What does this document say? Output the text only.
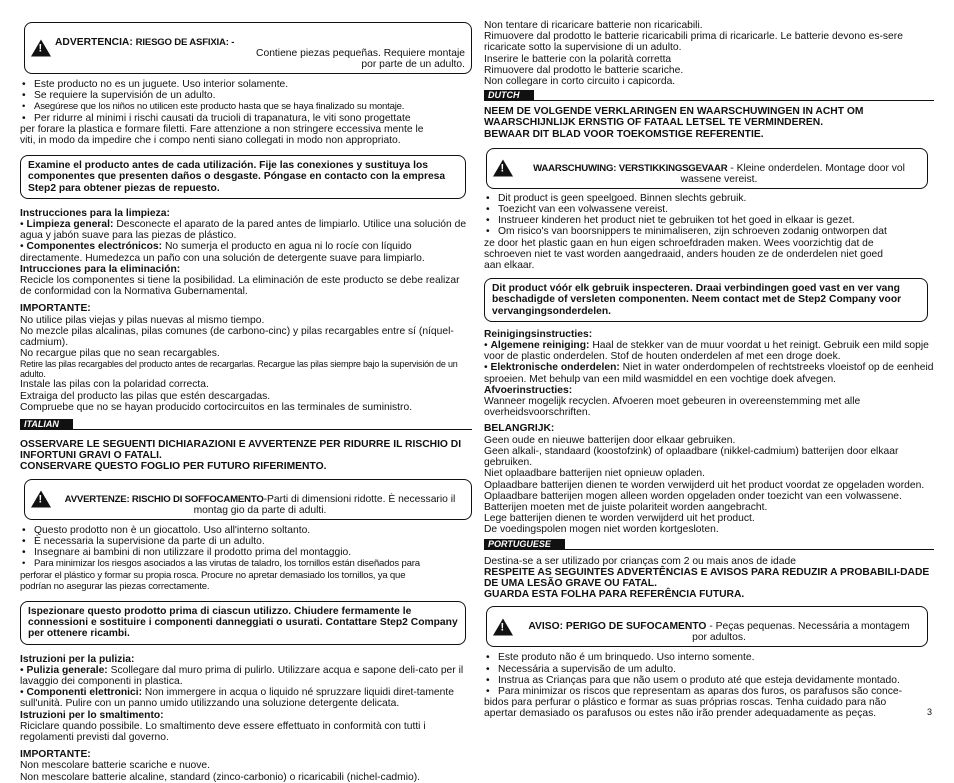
!

ADVERTENCIA: RIESGO DE ASFIXIA: -

Contiene piezas pequeñas. Requiere montaje
por parte de un adulto.

• Este producto no es un juguete. Uso interior solamente.
• Se requiere la supervisión de un adulto.
• Asegúrese que los niños no utilicen este producto hasta que se haya finalizado su montaje.
• Per ridurre al minimi i rischi causati da trucioli di trapanatura, le viti sono progettate
per forare la plastica e formare filetti. Fare attenzione a non stringere eccessiva mente le
viti, in modo da impedire che i compo nenti siano collegati in modo non appropriato.
Examine el producto antes de cada utilización. Fije las conexiones y sustituya los componentes que presenten daños o desgaste. Póngase en contacto con la empresa Step2 para obtener piezas de repuesto.
Instrucciones para la limpieza:
• Limpieza general: Desconecte el aparato de la pared antes de limpiarlo. Utilice una solución de agua y jabón suave para las piezas de plástico.
• Componentes electrónicos: No sumerja el producto en agua ni lo rocíe con líquido directamente. Humedezca un paño con una solución de detergente suave para limpiarlo.
Intrucciones para la eliminación:
Recicle los componentes si tiene la posibilidad. La eliminación de este producto se debe realizar de conformidad con la Normativa Gubernamental.
IMPORTANTE:
No utilice pilas viejas y pilas nuevas al mismo tiempo.
No mezcle pilas alcalinas, pilas comunes (de carbono-cinc) y pilas recargables entre sí (níquel-cadmium).
No recargue pilas que no sean recargables.
Retire las pilas recargables del producto antes de recargarlas. Recargue las pilas siempre bajo la supervisión de un adulto.
Instale las pilas con la polaridad correcta.
Extraiga del producto las pilas que estén descargadas.
Compruebe que no se hayan producido cortocircuitos en las terminales de suministro.
ITALIAN
OSSERVARE LE SEGUENTI DICHIARAZIONI E AVVERTENZE PER RIDURRE IL RISCHIO DI INFORTUNI GRAVI O FATALI.
CONSERVARE QUESTO FOGLIO PER FUTURO RIFERIMENTO.
!

AVVERTENZE: RISCHIO DI SOFFOCAMENTO-Parti di dimensioni ridotte. È necessario il
montag gio da parte di adulti.

• Questo prodotto non è un giocattolo. Uso all'interno soltanto.
• È necessaria la supervisione da parte di un adulto.
• Insegnare ai bambini di non utilizzare il prodotto prima del montaggio.
• Para minimizar los riesgos asociados a las virutas de taladro, los tornillos están diseñados para
perforar el plástico y formar su propia rosca. Procure no apretar demasiado los tornillos, ya que
podrían no asegurar las piezas correctamente.
Ispezionare questo prodotto prima di ciascun utilizzo. Chiudere fermamente le connessioni e sostituire i componenti danneggiati o usurati. Contattare Step2 Company per ottenere ricambi.
Istruzioni per la pulizia:
• Pulizia generale: Scollegare dal muro prima di pulirlo. Utilizzare acqua e sapone deli-cato per il lavaggio dei componenti in plastica.
• Componenti elettronici: Non immergere in acqua o liquido né spruzzare liquidi diret-tamente sull'unità. Pulire con un panno umido utilizzando una soluzione detergente delicata.
Istruzioni per lo smaltimento:
Riciclare quando possibile. Lo smaltimento deve essere effettuato in conformità con tutti i regolamenti previsti dal governo.
IMPORTANTE:
Non mescolare batterie scariche e nuove.
Non mescolare batterie alcaline, standard (zinco-carbonio) o ricaricabili (nichel-cadmio).
Non tentare di ricaricare batterie non ricaricabili.
Rimuovere dal prodotto le batterie ricaricabili prima di ricaricarle. Le batterie devono es-sere ricaricate sotto la supervisione di un adulto.
Inserire le batterie con la polarità corretta
Rimuovere dal prodotto le batterie scariche.
Non collegare in corto circuito i capicorda.
DUTCH
NEEM DE VOLGENDE VERKLARINGEN EN WAARSCHUWINGEN IN ACHT OM WAARSCHIJNLIJK ERNSTIG OF FATAAL LETSEL TE VERMINDEREN.
BEWAAR DIT BLAD VOOR TOEKOMSTIGE REFERENTIE.
!

WAARSCHUWING: VERSTIKKINGSGEVAAR - Kleine onderdelen. Montage door vol
wassene vereist.

• Dit product is geen speelgoed. Binnen slechts gebruik.
• Toezicht van een volwassene vereist.
• Instrueer kinderen het product niet te gebruiken tot het goed in elkaar is gezet.
• Om risico's van boorsnippers te minimaliseren, zijn schroeven zodanig ontworpen dat
ze door het plastic gaan en hun eigen schroefdraden maken. Wees voorzichtig dat de
schroeven niet te vast worden aangedraaid, anders houden ze de onderdelen niet goed
aan elkaar.
Dit product vóór elk gebruik inspecteren. Draai verbindingen goed vast en ver vang beschadigde of versleten componenten. Neem contact met de Step2 Company voor vervangingsonderdelen.
Reinigingsinstructies:
• Algemene reiniging: Haal de stekker van de muur voordat u het reinigt. Gebruik een mild sopje voor de plastic onderdelen. Stof de houten onderdelen af met een droge doek.
• Elektronische onderdelen: Niet in water onderdompelen of rechtstreeks vloeistof op de eenheid sproeien. Met behulp van een mild wasmiddel en een vochtige doek afvegen.
Afvoerinstructies:
Wanneer mogelijk recyclen. Afvoeren moet gebeuren in overeenstemming met alle overheidsvoorschriften.
BELANGRIJK:
Geen oude en nieuwe batterijen door elkaar gebruiken.
Geen alkali-, standaard (koostofzink) of oplaadbare (nikkel-cadmium) batterijen door elkaar gebruiken.
Niet oplaadbare batterijen niet opnieuw opladen.
Oplaadbare batterijen dienen te worden verwijderd uit het product voordat ze opgeladen worden. Oplaadbare batterijen mogen alleen worden opgeladen onder toezicht van een volwassene.
Batterijen moeten met de juiste polariteit worden aangebracht.
Lege batterijen dienen te worden verwijderd uit het product.
De voedingspolen mogen niet worden kortgesloten.
PORTUGUESE
Destina-se a ser utilizado por crianças com 2 ou mais anos de idade
RESPEITE AS SEGUINTES ADVERTÊNCIAS E AVISOS PARA REDUZIR A PROBABILI-DADE DE UMA LESÃO GRAVE OU FATAL.
GUARDA ESTA FOLHA PARA REFERÊNCIA FUTURA.
!

AVISO: PERIGO DE SUFOCAMENTO - Peças pequenas. Necessária a montagem
por adultos.

• Este produto não é um brinquedo. Uso interno somente.
• Necessária a supervisão de um adulto.
• Instrua as Crianças para que não usem o produto até que esteja devidamente montado.
• Para minimizar os riscos que representam as aparas dos furos, os parafusos são conce-
bidos para perfurar o plástico e formar as suas próprias roscas. Tenha cuidado para não
apertar demasiado os parafusos ou estes não irão prender adequadamente as peças.	3
